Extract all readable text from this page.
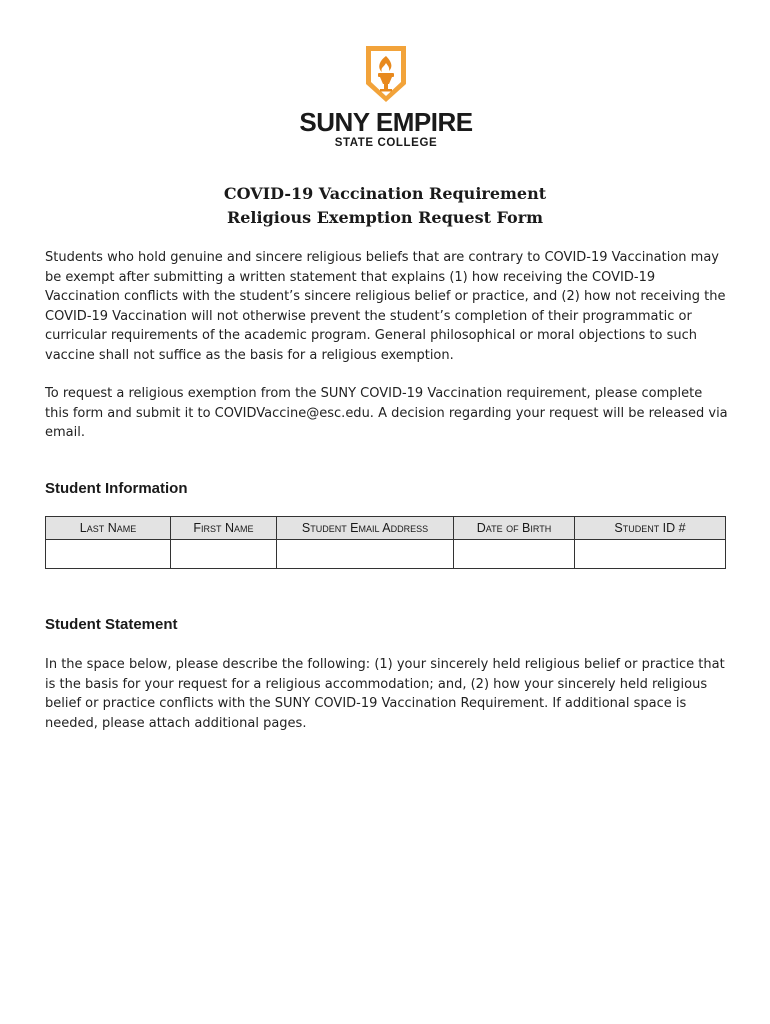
SUNY EMPIRE
STATE COLLEGE
COVID-19 Vaccination Requirement
Religious Exemption Request Form

Students who hold genuine and sincere religious beliefs that are contrary to COVID-19 Vaccination may be exempt after submitting a written statement that explains (1) how receiving the COVID-19 Vaccination conflicts with the student’s sincere religious belief or practice, and (2) how not receiving the COVID-19 Vaccination will not otherwise prevent the student’s completion of their programmatic or curricular requirements of the academic program. General philosophical or moral objections to such vaccine shall not suffice as the basis for a religious exemption.

To request a religious exemption from the SUNY COVID-19 Vaccination requirement, please complete this form and submit it to COVIDVaccine@esc.edu. A decision regarding your request will be released via email.

Student Information
Last Name	First Name	Student Email Address	Date of Birth	Student ID #

Student Statement

In the space below, please describe the following: (1) your sincerely held religious belief or practice that is the basis for your request for a religious accommodation; and, (2) how your sincerely held religious belief or practice conflicts with the SUNY COVID-19 Vaccination Requirement. If additional space is needed, please attach additional pages.
